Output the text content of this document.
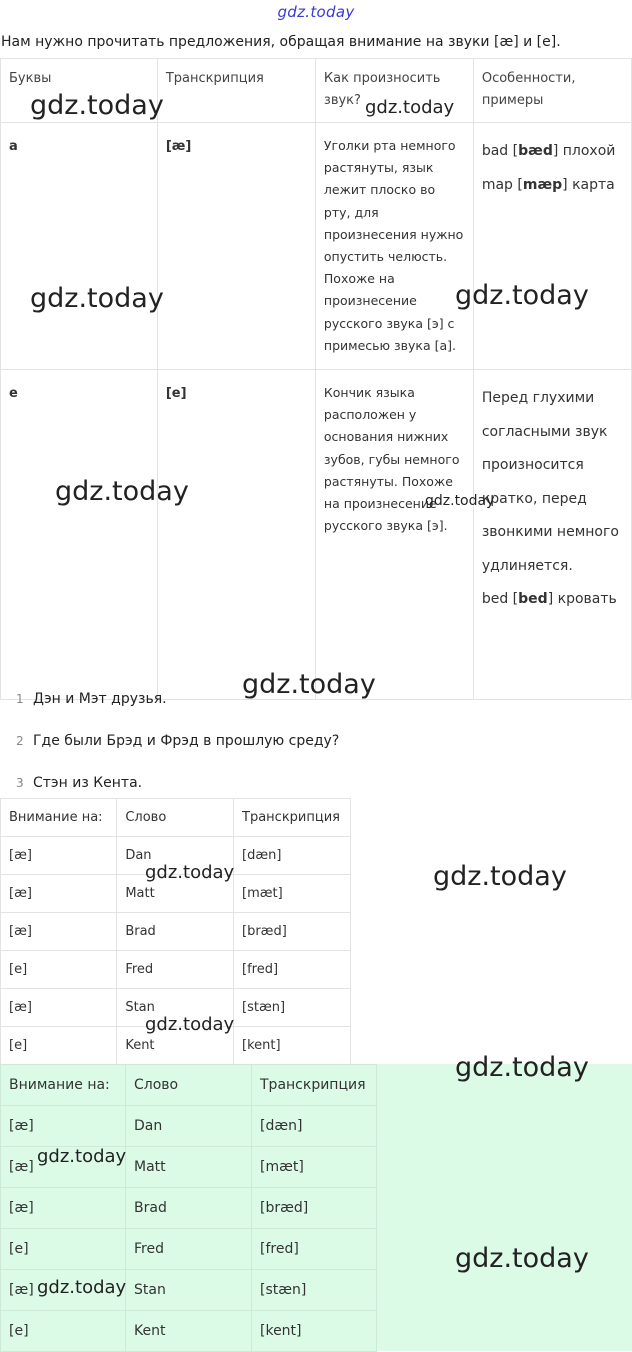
gdz.today
Нам нужно прочитать предложения, обращая внимание на звуки [æ] и [e].
Буквы	Транскрипция	Как произносить звук?	Особенности, примеры
a	[æ]	Уголки рта немного растянуты, язык лежит плоско во рту, для произнесения нужно опустить челюсть. Похоже на произнесение русского звука [э] с примесью звука [а].	bad [bæd] плохой

map [mæp] карта

e	[e]	Кончик языка расположен у основания нижних зубов, губы немного растянуты. Похоже на произнесение русского звука [э].	Перед глухими согласными звук произносится кратко, перед звонкими немного удлиняется.

bed [bed] кровать

1 Дэн и Мэт друзья.
2 Где были Брэд и Фрэд в прошлую среду?
3 Стэн из Кента.
Внимание на:	Слово	Транскрипция
[æ]	Dan	[dæn]
[æ]	Matt	[mæt]
[æ]	Brad	[bræd]
[e]	Fred	[fred]
[æ]	Stan	[stæn]
[e]	Kent	[kent]
Внимание на:	Слово	Транскрипция
[æ]	Dan	[dæn]
[æ]	Matt	[mæt]
[æ]	Brad	[bræd]
[e]	Fred	[fred]
[æ]	Stan	[stæn]
[e]	Kent	[kent]
gdz.today	gdz.today
gdz.today	gdz.today
gdz.today	gdz.today
gdz.today
gdz.today
gdz.today
gdz.today
gdz.today
gdz.today
gdz.today
gdz.today
